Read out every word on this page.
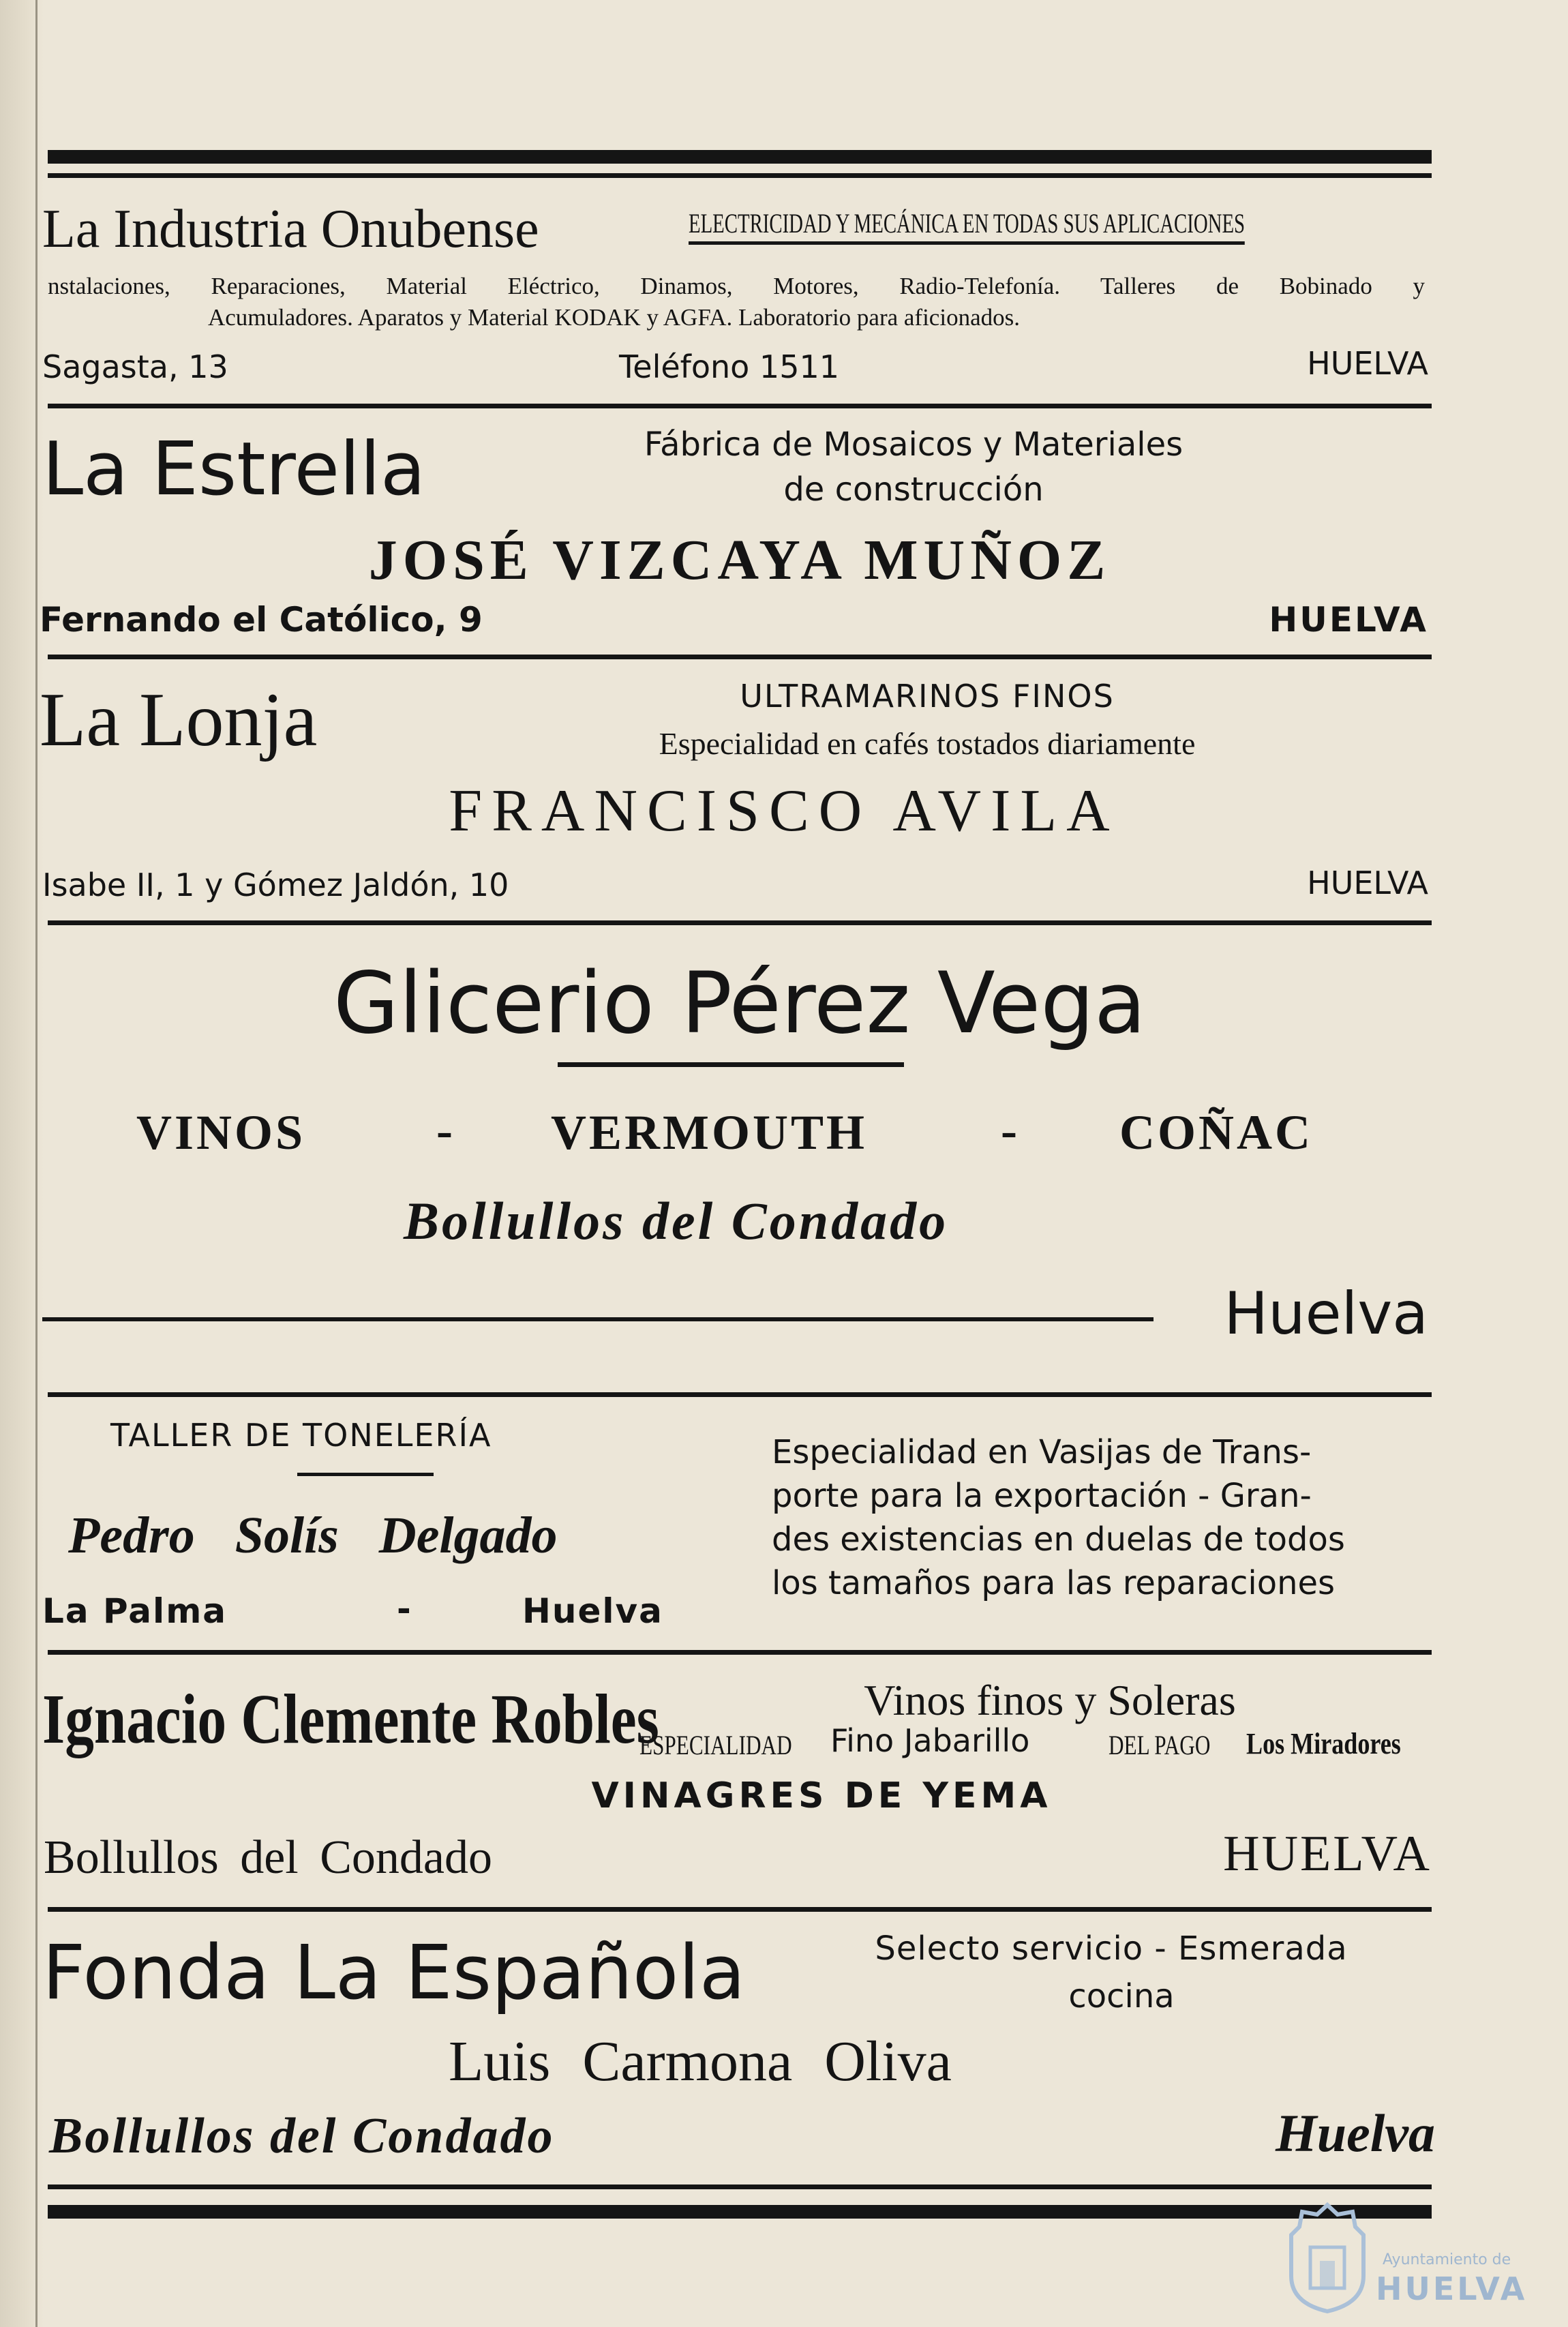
La Industria Onubense	ELECTRICIDAD Y MECÁNICA EN TODAS SUS APLICACIONES
nstalaciones, Reparaciones, Material Eléctrico, Dinamos, Motores, Radio-Telefonía. Talleres de Bobinado y
Acumuladores. Aparatos y Material KODAK y AGFA. Laboratorio para aficionados.
Sagasta, 13	Teléfono 1511	HUELVA
La Estrella	Fábrica de Mosaicos y Materiales
de construcción
JOSÉ VIZCAYA MUÑOZ
Fernando el Católico, 9	HUELVA
La Lonja	ULTRAMARINOS FINOS
Especialidad en cafés tostados diariamente
FRANCISCO AVILA
Isabe II, 1 y Gómez Jaldón, 10	HUELVA
Glicerio Pérez Vega
VINOS	- VERMOUTH	- COÑAC
Bollullos del Condado
Huelva
TALLER DE TONELERÍA
Pedro Solís Delgado
La Palma	-	Huelva
Especialidad en Vasijas de Trans-
porte para la exportación - Gran-
des existencias en duelas de todos
los tamaños para las reparaciones
Ignacio Clemente Robles	Vinos finos y Soleras
ESPECIALIDAD Fino Jabarillo	DEL PAGO Los Miradores
VINAGRES DE YEMA
Bollullos del Condado	HUELVA
Fonda La Española	Selecto servicio - Esmerada
cocina
Luis Carmona Oliva
Bollullos del Condado	Huelva
Ayuntamiento de
HUELVA
